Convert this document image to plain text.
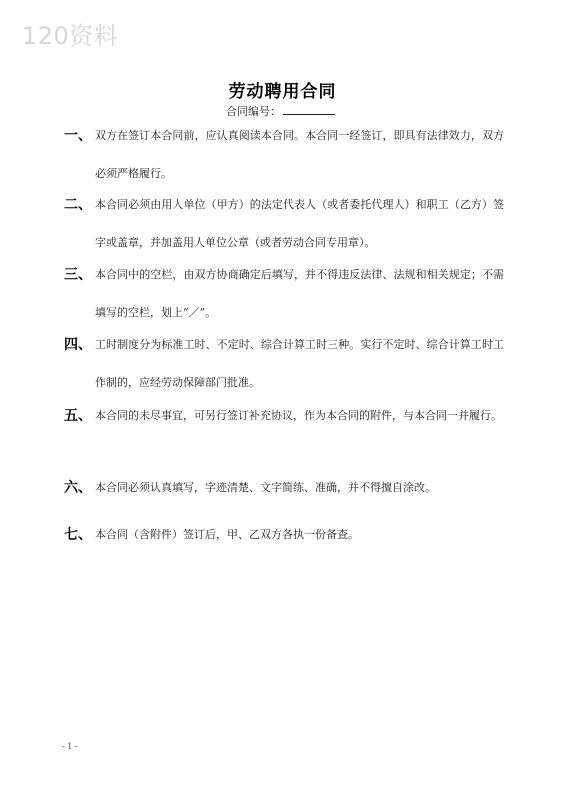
120资料
劳动聘用合同
合同编号：
一、 双方在签订本合同前，应认真阅读本合同。本合同一经签订，即具有法律效力，双方必须严格履行。
二、 本合同必须由用人单位（甲方）的法定代表人（或者委托代理人）和职工（乙方）签字或盖章，并加盖用人单位公章（或者劳动合同专用章）。
三、 本合同中的空栏，由双方协商确定后填写，并不得违反法律、法规和相关规定；不需填写的空栏，划上“／”。
四、 工时制度分为标准工时、不定时、综合计算工时三种。实行不定时、综合计算工时工作制的，应经劳动保障部门批准。
五、 本合同的未尽事宜，可另行签订补充协议，作为本合同的附件，与本合同一并履行。
六、 本合同必须认真填写，字迹清楚、文字简练、准确，并不得擅自涂改。
七、 本合同（含附件）签订后，甲、乙双方各执一份备查。
- 1 -
